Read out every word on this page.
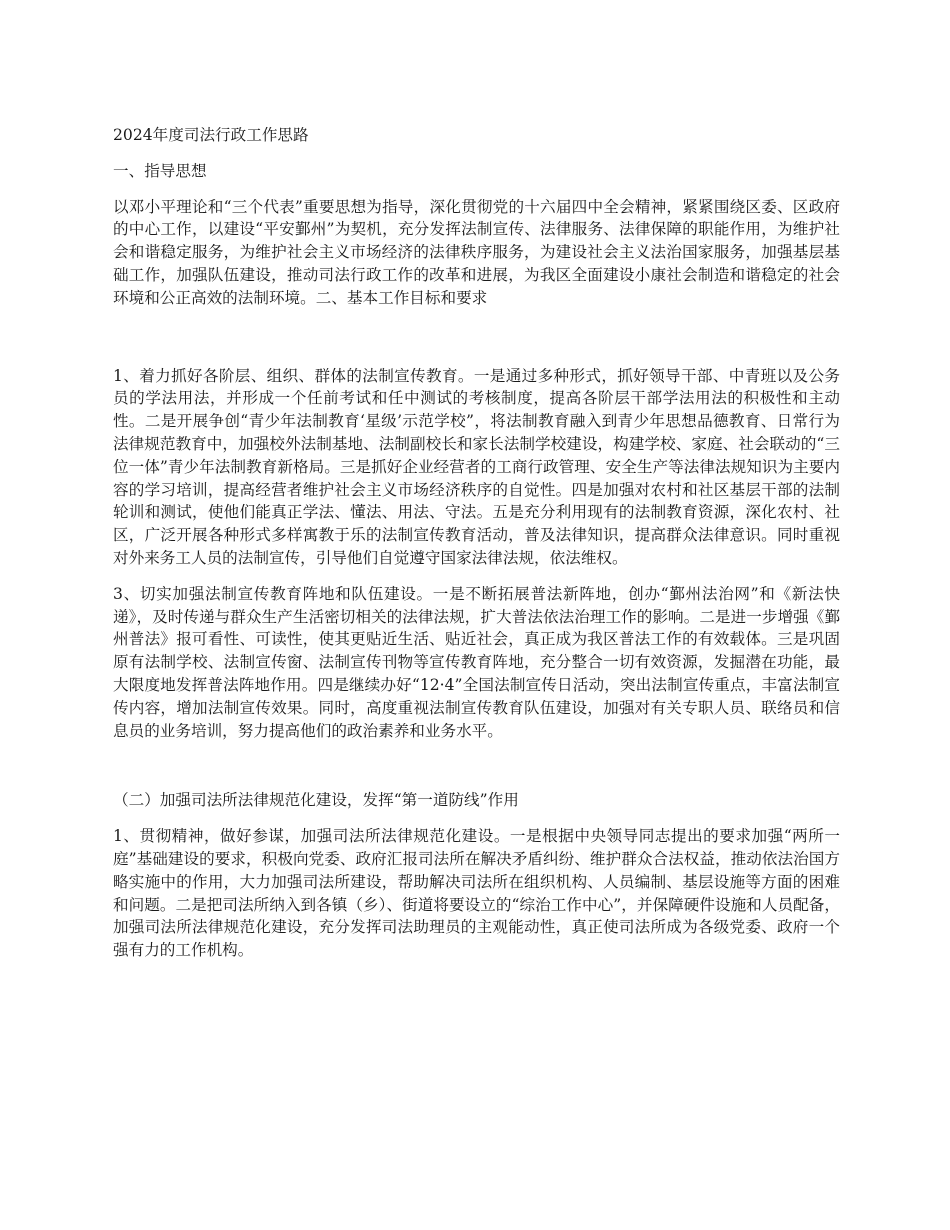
2024年度司法行政工作思路

一、指导思想

以邓小平理论和“三个代表”重要思想为指导，深化贯彻党的十六届四中全会精神，紧紧围绕区委、区政府的中心工作，以建设“平安鄞州”为契机，充分发挥法制宣传、法律服务、法律保障的职能作用，为维护社会和谐稳定服务，为维护社会主义市场经济的法律秩序服务，为建设社会主义法治国家服务，加强基层基础工作，加强队伍建设，推动司法行政工作的改革和进展，为我区全面建设小康社会制造和谐稳定的社会环境和公正高效的法制环境。二、基本工作目标和要求

1、着力抓好各阶层、组织、群体的法制宣传教育。一是通过多种形式，抓好领导干部、中青班以及公务员的学法用法，并形成一个任前考试和任中测试的考核制度，提高各阶层干部学法用法的积极性和主动性。二是开展争创“青少年法制教育‘星级’示范学校”，将法制教育融入到青少年思想品德教育、日常行为法律规范教育中，加强校外法制基地、法制副校长和家长法制学校建设，构建学校、家庭、社会联动的“三位一体”青少年法制教育新格局。三是抓好企业经营者的工商行政管理、安全生产等法律法规知识为主要内容的学习培训，提高经营者维护社会主义市场经济秩序的自觉性。四是加强对农村和社区基层干部的法制轮训和测试，使他们能真正学法、懂法、用法、守法。五是充分利用现有的法制教育资源，深化农村、社区，广泛开展各种形式多样寓教于乐的法制宣传教育活动，普及法律知识，提高群众法律意识。同时重视对外来务工人员的法制宣传，引导他们自觉遵守国家法律法规，依法维权。

3、切实加强法制宣传教育阵地和队伍建设。一是不断拓展普法新阵地，创办“鄞州法治网”和《新法快递》，及时传递与群众生产生活密切相关的法律法规，扩大普法依法治理工作的影响。二是进一步增强《鄞州普法》报可看性、可读性，使其更贴近生活、贴近社会，真正成为我区普法工作的有效载体。三是巩固原有法制学校、法制宣传窗、法制宣传刊物等宣传教育阵地，充分整合一切有效资源，发掘潜在功能，最大限度地发挥普法阵地作用。四是继续办好“12·4”全国法制宣传日活动，突出法制宣传重点，丰富法制宣传内容，增加法制宣传效果。同时，高度重视法制宣传教育队伍建设，加强对有关专职人员、联络员和信息员的业务培训，努力提高他们的政治素养和业务水平。

（二）加强司法所法律规范化建设，发挥“第一道防线”作用

1、贯彻精神，做好参谋，加强司法所法律规范化建设。一是根据中央领导同志提出的要求加强“两所一庭”基础建设的要求，积极向党委、政府汇报司法所在解决矛盾纠纷、维护群众合法权益，推动依法治国方略实施中的作用，大力加强司法所建设，帮助解决司法所在组织机构、人员编制、基层设施等方面的困难和问题。二是把司法所纳入到各镇（乡）、街道将要设立的“综治工作中心”，并保障硬件设施和人员配备，加强司法所法律规范化建设，充分发挥司法助理员的主观能动性，真正使司法所成为各级党委、政府一个强有力的工作机构。
